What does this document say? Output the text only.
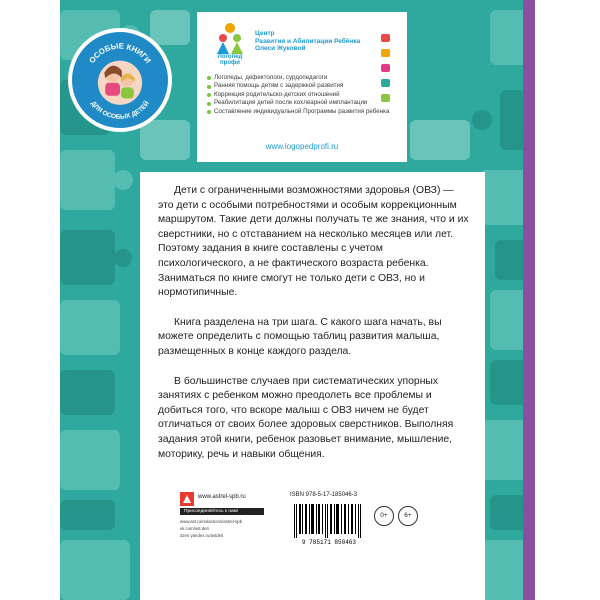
ОСОБЫЕ КНИГИ
ДЛЯ ОСОБЫХ ДЕТЕЙ
Логопед профи
Центр
Развития и Абилитации Ребёнка
Олеси Жуковой
Логопеды, дефектологи, сурдопедагоги
Ранняя помощь детям с задержкой развития
Коррекция родительско-детских отношений
Реабилитация детей после кохлеарной имплантации
Составление индивидуальной Программы развития ребенка
www.logopedprofi.ru

Дети с ограниченными возможностями здоровья (ОВЗ) — это дети с особыми потребностями и особым коррекционным маршрутом. Такие дети должны получать те же знания, что и их сверстники, но с отставанием на несколько месяцев или лет. Поэтому задания в книге составлены с учетом психологического, а не фактического возраста ребенка. Заниматься по книге смогут не только дети с ОВЗ, но и нормотипичные.

Книга разделена на три шага. С какого шага начать, вы можете определить с помощью таблиц развития малыша, размещенных в конце каждого раздела.

В большинстве случаев при систематических упорных занятиях с ребенком можно преодолеть все проблемы и добиться того, что вскоре малыш с ОВЗ ничем не будет отличаться от своих более здоровых сверстников. Выполняя задания этой книги, ребенок разовьет внимание, мышление, моторику, речь и навыки общения.

www.astrel-spb.ru
Присоединяйтесь к нам!
www.ast.ru/redactions/astrel-spb
vk.com/ast.deti
dzen.yandex.ru/astdeti
ISBN 978-5-17-185046-3
9 785171 850463
0+	6+
